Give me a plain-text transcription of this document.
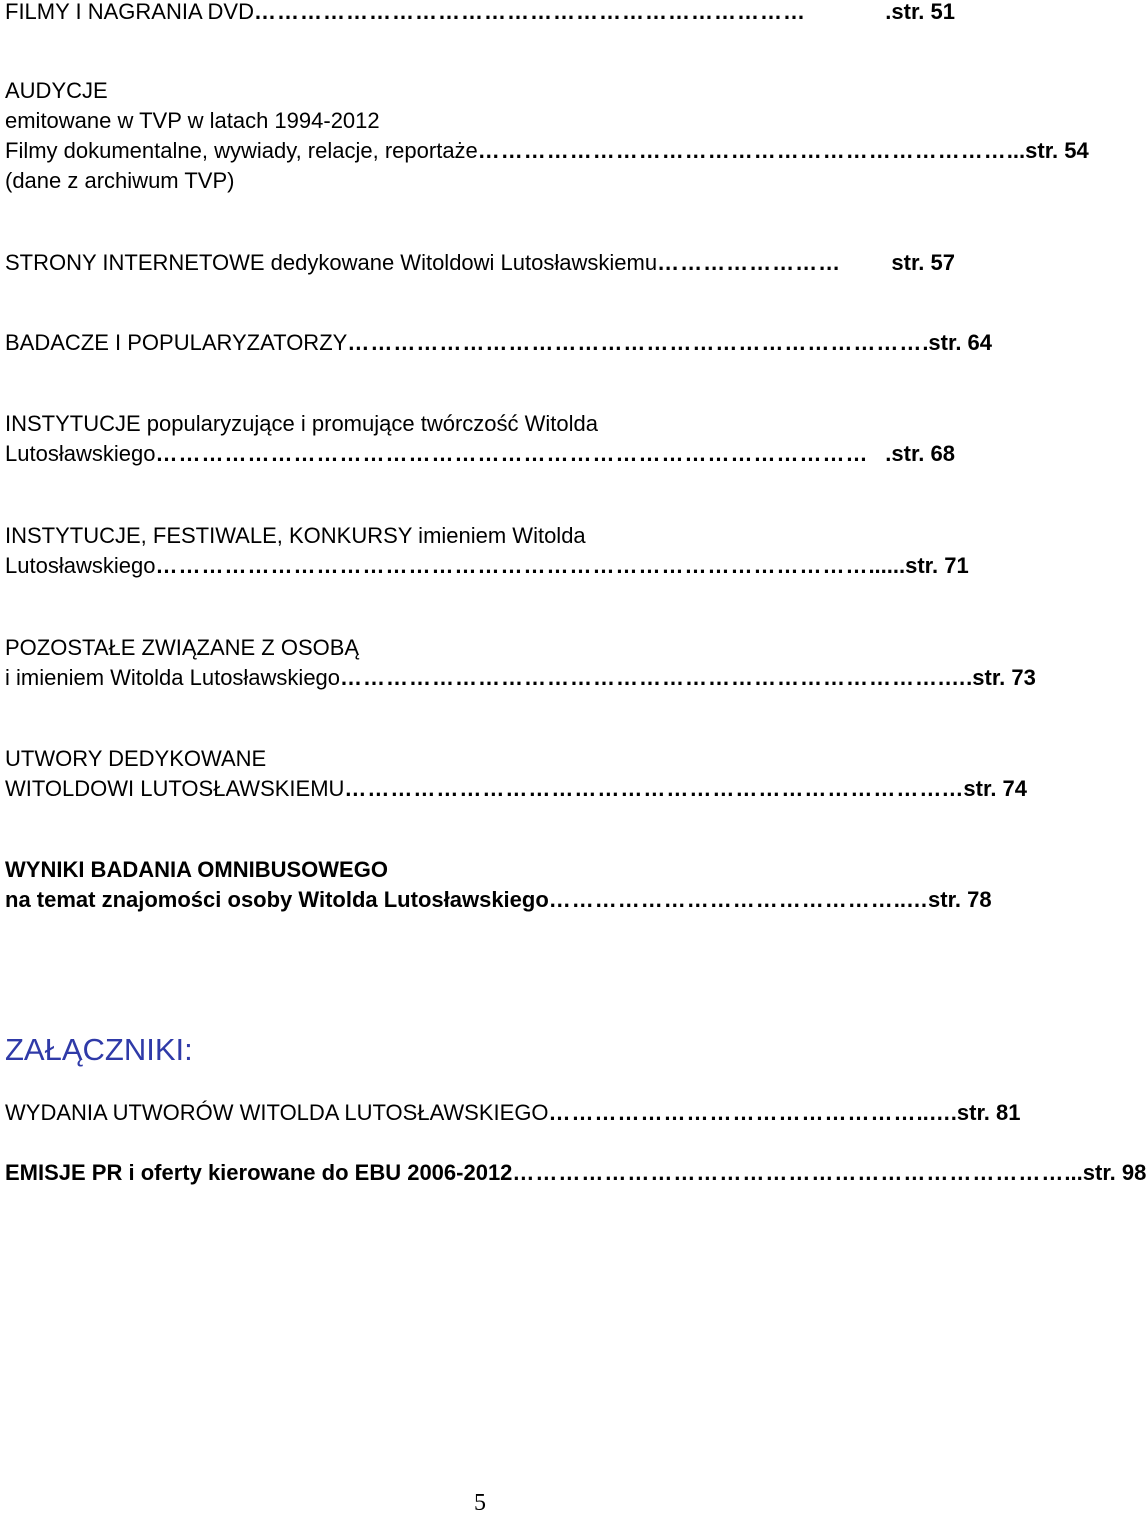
FILMY I NAGRANIA DVD ………………………………………………………………	.str. 51
AUDYCJE
emitowane w TVP w latach 1994-2012
Filmy dokumentalne, wywiady, relacje, reportaże …………………………………………………………… ...str. 54
(dane z archiwum TVP)
STRONY INTERNETOWE dedykowane Witoldowi Lutosławskiemu ……………………	str. 57
BADACZE I POPULARYZATORZY ………………………………………………………………… .str. 64
INSTYTUCJE popularyzujące i promujące twórczość Witolda
Lutosławskiego ………………………………………………………………………………… .str. 68
INSTYTUCJE, FESTIWALE, KONKURSY imieniem Witolda
Lutosławskiego ………………………………………………………………………………… ......str. 71
POZOSTAŁE ZWIĄZANE Z OSOBĄ
i imieniem Witolda Lutosławskiego …………………………………………………………………… .….str. 73
UTWORY DEDYKOWANE
WITOLDOWI LUTOSŁAWSKIEMU ………………………………………………………………… ……str. 74
WYNIKI BADANIA OMNIBUSOWEGO
na temat znajomości osoby Witolda Lutosławskiego ……………………………………… ..…str. 78
ZAŁĄCZNIKI:
WYDANIA UTWORÓW WITOLDA LUTOSŁAWSKIEGO ………………………………………… ..….str. 81
EMISJE PR i oferty kierowane do EBU 2006-2012 ……………………………………………………………… ...str. 98
5
